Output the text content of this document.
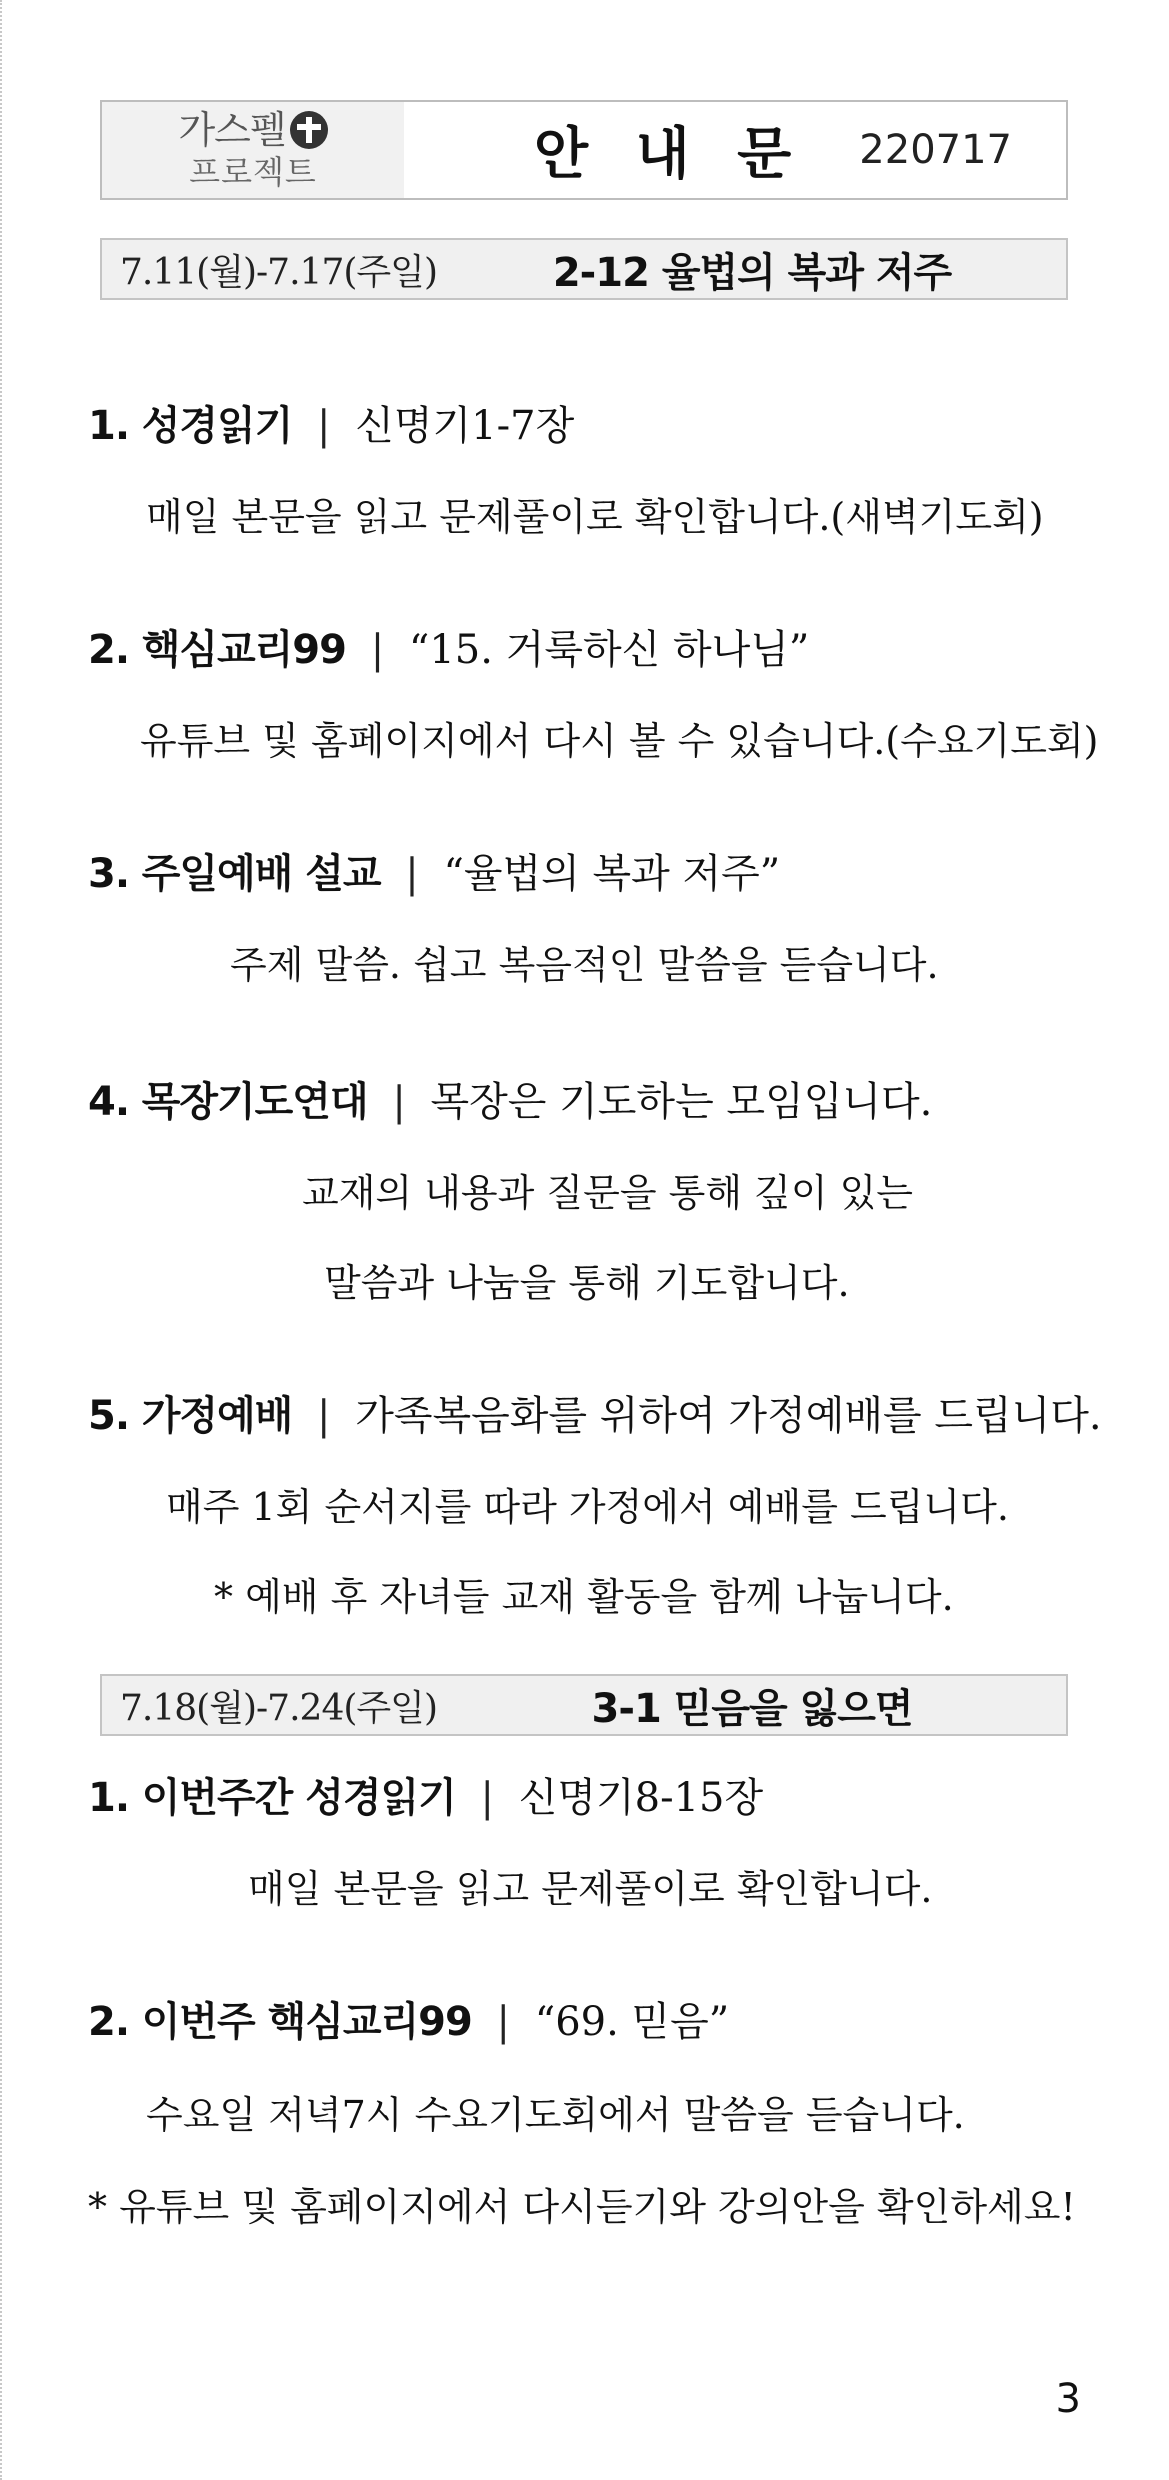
가스펠
프로젝트	안 내 문 220717
7.11(월)-7.17(주일)	2-12 율법의 복과 저주
1. 성경읽기 | 신명기1-7장
매일 본문을 읽고 문제풀이로 확인합니다.(새벽기도회)
2. 핵심교리99 | “15. 거룩하신 하나님”
유튜브 및 홈페이지에서 다시 볼 수 있습니다.(수요기도회)
3. 주일예배 설교 | “율법의 복과 저주”
주제 말씀. 쉽고 복음적인 말씀을 듣습니다.
4. 목장기도연대 | 목장은 기도하는 모임입니다.
교재의 내용과 질문을 통해 깊이 있는
말씀과 나눔을 통해 기도합니다.
5. 가정예배 | 가족복음화를 위하여 가정예배를 드립니다.
매주 1회 순서지를 따라 가정에서 예배를 드립니다.
* 예배 후 자녀들 교재 활동을 함께 나눕니다.
7.18(월)-7.24(주일)	3-1 믿음을 잃으면
1. 이번주간 성경읽기 | 신명기8-15장
매일 본문을 읽고 문제풀이로 확인합니다.
2. 이번주 핵심교리99 | “69. 믿음”
수요일 저녁7시 수요기도회에서 말씀을 듣습니다.
* 유튜브 및 홈페이지에서 다시듣기와 강의안을 확인하세요!
3
